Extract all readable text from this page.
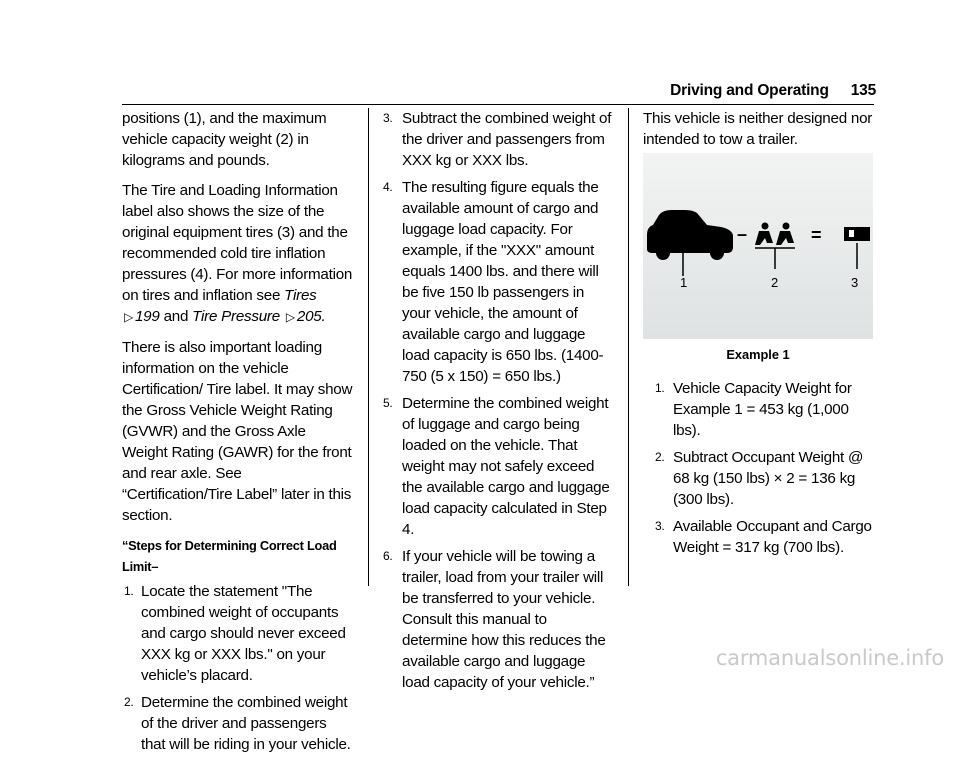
Driving and Operating 135

positions (1), and the maximum vehicle capacity weight (2) in kilograms and pounds.

The Tire and Loading Information label also shows the size of the original equipment tires (3) and the recommended cold tire inflation pressures (4). For more information on tires and inflation see Tires ▷ 199 and Tire Pressure ▷ 205.

There is also important loading information on the vehicle Certification/ Tire label. It may show the Gross Vehicle Weight Rating (GVWR) and the Gross Axle Weight Rating (GAWR) for the front and rear axle. See “Certification/Tire Label” later in this section.

“Steps for Determining Correct Load Limit–
1. Locate the statement "The combined weight of occupants and cargo should never exceed XXX kg or XXX lbs." on your vehicle’s placard.
2. Determine the combined weight of the driver and passengers that will be riding in your vehicle.
3. Subtract the combined weight of the driver and passengers from XXX kg or XXX lbs.
4. The resulting figure equals the available amount of cargo and luggage load capacity. For example, if the "XXX" amount equals 1400 lbs. and there will be five 150 lb passengers in your vehicle, the amount of available cargo and luggage load capacity is 650 lbs. (1400-750 (5 x 150) = 650 lbs.)
5. Determine the combined weight of luggage and cargo being loaded on the vehicle. That weight may not safely exceed the available cargo and luggage load capacity calculated in Step 4.
6. If your vehicle will be towing a trailer, load from your trailer will be transferred to your vehicle. Consult this manual to determine how this reduces the available cargo and luggage load capacity of your vehicle.”

This vehicle is neither designed nor intended to tow a trailer.

–	=
1	2	3
Example 1
1. Vehicle Capacity Weight for Example 1 = 453 kg (1,000 lbs).
2. Subtract Occupant Weight @ 68 kg (150 lbs) × 2 = 136 kg (300 lbs).
3. Available Occupant and Cargo Weight = 317 kg (700 lbs).
carmanualsonline.info
